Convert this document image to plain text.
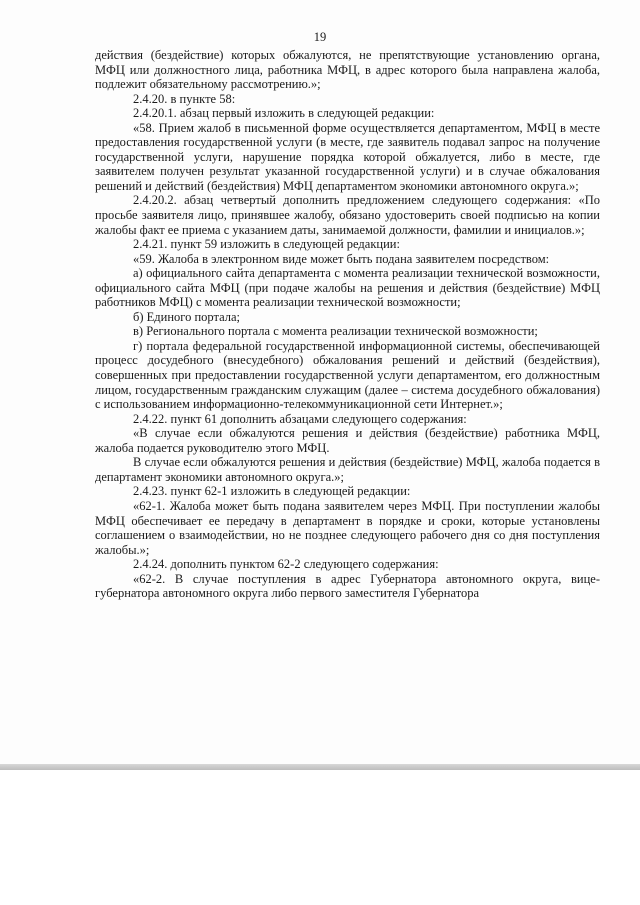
19

действия (бездействие) которых обжалуются, не препятствующие установлению органа, МФЦ или должностного лица, работника МФЦ, в адрес которого была направлена жалоба, подлежит обязательному рассмотрению.»;

2.4.20. в пункте 58:

2.4.20.1. абзац первый изложить в следующей редакции:

«58. Прием жалоб в письменной форме осуществляется департаментом, МФЦ в месте предоставления государственной услуги (в месте, где заявитель подавал запрос на получение государственной услуги, нарушение порядка которой обжалуется, либо в месте, где заявителем получен результат указанной государственной услуги) и в случае обжалования решений и действий (бездействия) МФЦ департаментом экономики автономного округа.»;

2.4.20.2. абзац четвертый дополнить предложением следующего содержания: «По просьбе заявителя лицо, принявшее жалобу, обязано удостоверить своей подписью на копии жалобы факт ее приема с указанием даты, занимаемой должности, фамилии и инициалов.»;

2.4.21. пункт 59 изложить в следующей редакции:

«59. Жалоба в электронном виде может быть подана заявителем посредством:

а) официального сайта департамента с момента реализации технической возможности, официального сайта МФЦ (при подаче жалобы на решения и действия (бездействие) МФЦ работников МФЦ) с момента реализации технической возможности;

б) Единого портала;

в) Регионального портала с момента реализации технической возможности;

г) портала федеральной государственной информационной системы, обеспечивающей процесс досудебного (внесудебного) обжалования решений и действий (бездействия), совершенных при предоставлении государственной услуги департаментом, его должностным лицом, государственным гражданским служащим (далее – система досудебного обжалования) с использованием информационно-телекоммуникационной сети Интернет.»;

2.4.22. пункт 61 дополнить абзацами следующего содержания:

«В случае если обжалуются решения и действия (бездействие) работника МФЦ, жалоба подается руководителю этого МФЦ.

В случае если обжалуются решения и действия (бездействие) МФЦ, жалоба подается в департамент экономики автономного округа.»;

2.4.23. пункт 62-1 изложить в следующей редакции:

«62-1. Жалоба может быть подана заявителем через МФЦ. При поступлении жалобы МФЦ обеспечивает ее передачу в департамент в порядке и сроки, которые установлены соглашением о взаимодействии, но не позднее следующего рабочего дня со дня поступления жалобы.»;

2.4.24. дополнить пунктом 62-2 следующего содержания:

«62-2. В случае поступления в адрес Губернатора автономного округа, вице-губернатора автономного округа либо первого заместителя Губернатора
